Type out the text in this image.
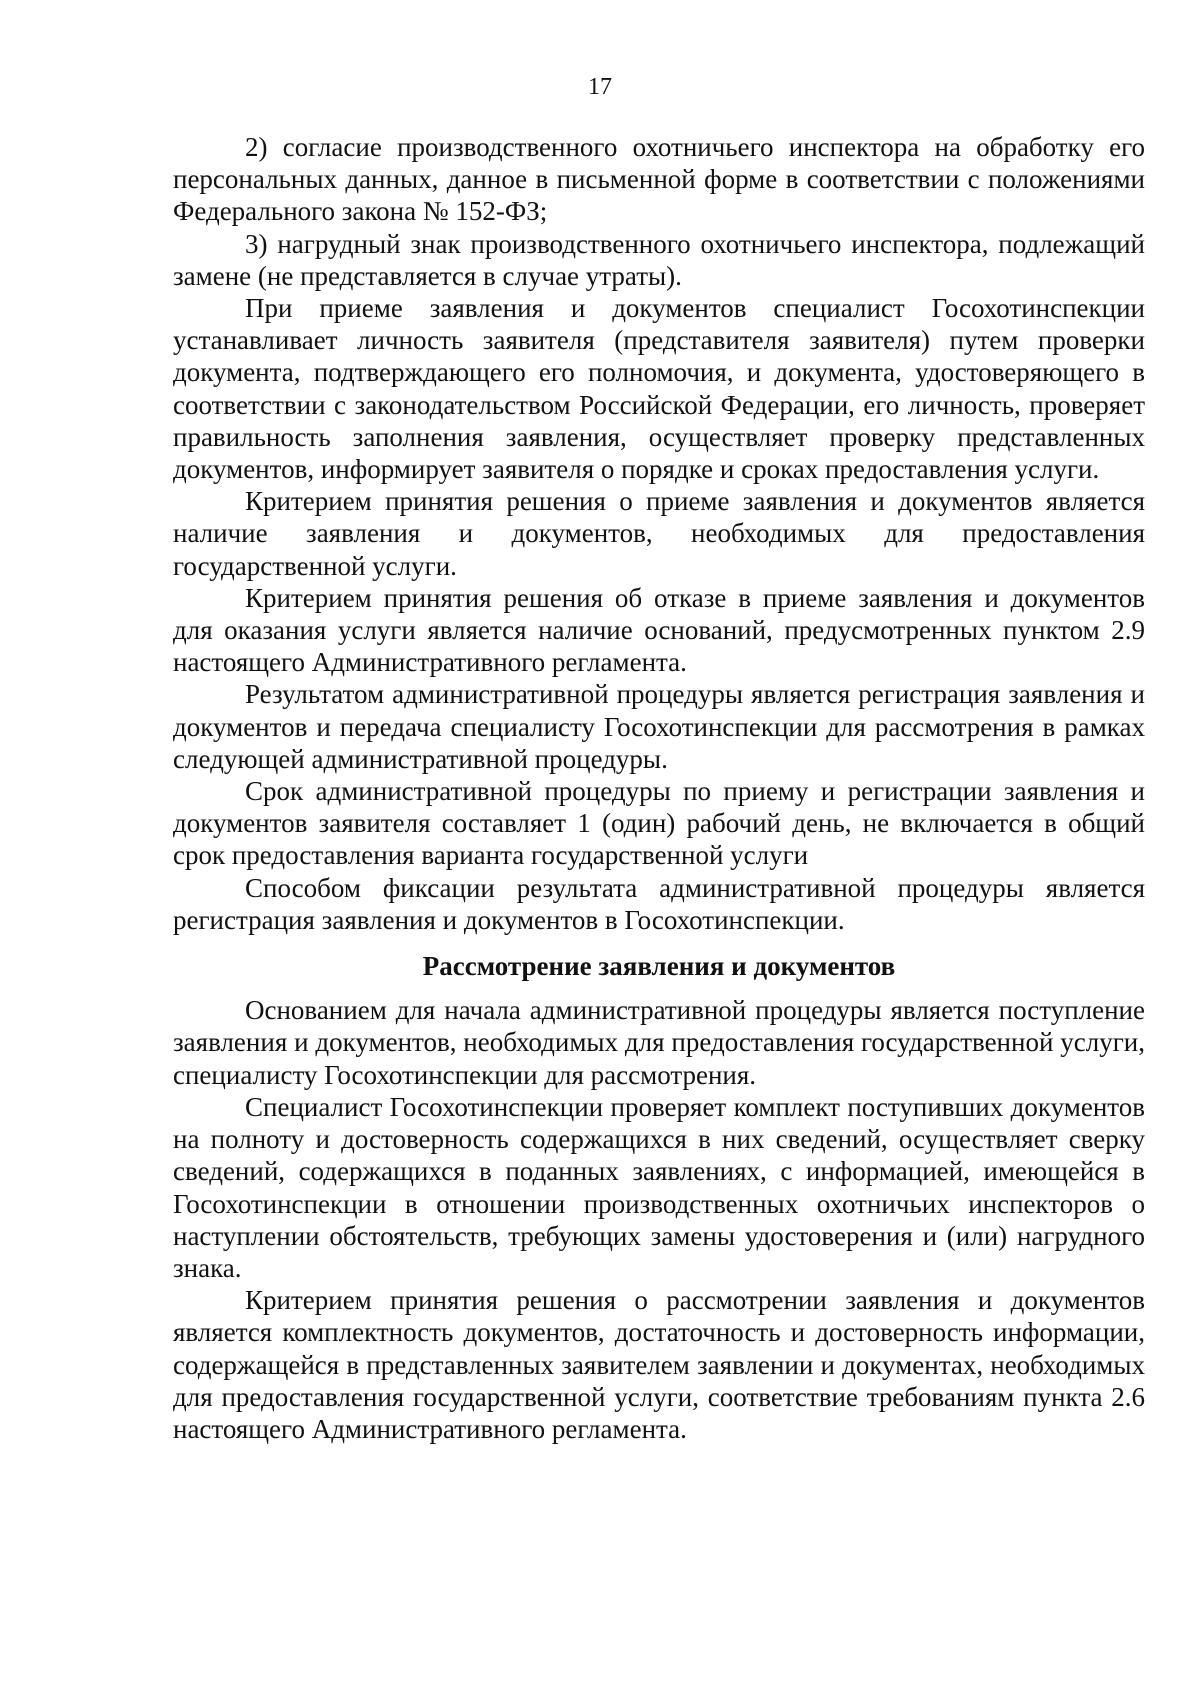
17

2) согласие производственного охотничьего инспектора на обработку его персональных данных, данное в письменной форме в соответствии с положениями Федерального закона № 152-ФЗ;

3) нагрудный знак производственного охотничьего инспектора, подлежащий замене (не представляется в случае утраты).

При приеме заявления и документов специалист Госохотинспекции устанавливает личность заявителя (представителя заявителя) путем проверки документа, подтверждающего его полномочия, и документа, удостоверяющего в соответствии с законодательством Российской Федерации, его личность, проверяет правильность заполнения заявления, осуществляет проверку представленных документов, информирует заявителя о порядке и сроках предоставления услуги.

Критерием принятия решения о приеме заявления и документов является наличие заявления и документов, необходимых для предоставления государственной услуги.

Критерием принятия решения об отказе в приеме заявления и документов для оказания услуги является наличие оснований, предусмотренных пунктом 2.9 настоящего Административного регламента.

Результатом административной процедуры является регистрация заявления и документов и передача специалисту Госохотинспекции для рассмотрения в рамках следующей административной процедуры.

Срок административной процедуры по приему и регистрации заявления и документов заявителя составляет 1 (один) рабочий день, не включается в общий срок предоставления варианта государственной услуги

Способом фиксации результата административной процедуры является регистрация заявления и документов в Госохотинспекции.

Рассмотрение заявления и документов

Основанием для начала административной процедуры является поступление заявления и документов, необходимых для предоставления государственной услуги, специалисту Госохотинспекции для рассмотрения.

Специалист Госохотинспекции проверяет комплект поступивших документов на полноту и достоверность содержащихся в них сведений, осуществляет сверку сведений, содержащихся в поданных заявлениях, с информацией, имеющейся в Госохотинспекции в отношении производственных охотничьих инспекторов о наступлении обстоятельств, требующих замены удостоверения и (или) нагрудного знака.

Критерием принятия решения о рассмотрении заявления и документов является комплектность документов, достаточность и достоверность информации, содержащейся в представленных заявителем заявлении и документах, необходимых для предоставления государственной услуги, соответствие требованиям пункта 2.6 настоящего Административного регламента.
